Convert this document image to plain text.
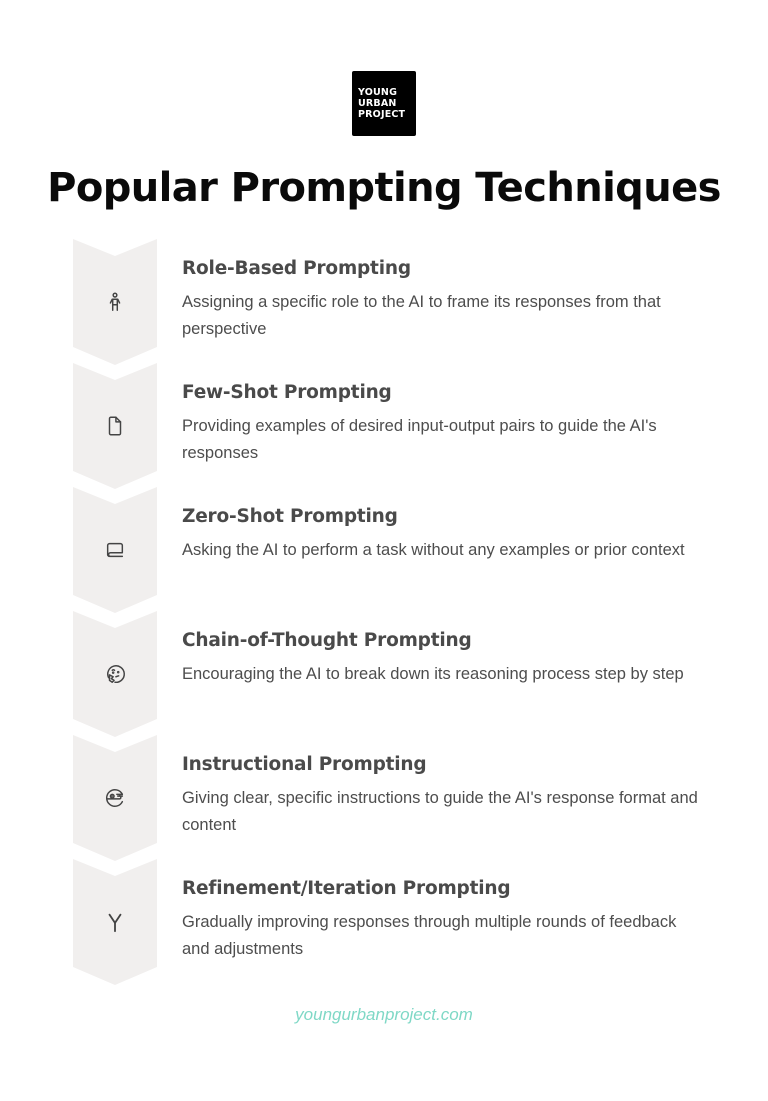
YOUNG
URBAN
PROJECT
Popular Prompting Techniques
Role-Based Prompting

Assigning a specific role to the AI to frame its responses from that perspective

Few-Shot Prompting

Providing examples of desired input-output pairs to guide the AI's responses

Zero-Shot Prompting

Asking the AI to perform a task without any examples or prior context

Chain-of-Thought Prompting

Encouraging the AI to break down its reasoning process step by step

Instructional Prompting

Giving clear, specific instructions to guide the AI's response format and content

Refinement/Iteration Prompting

Gradually improving responses through multiple rounds of feedback and adjustments

youngurbanproject.com
